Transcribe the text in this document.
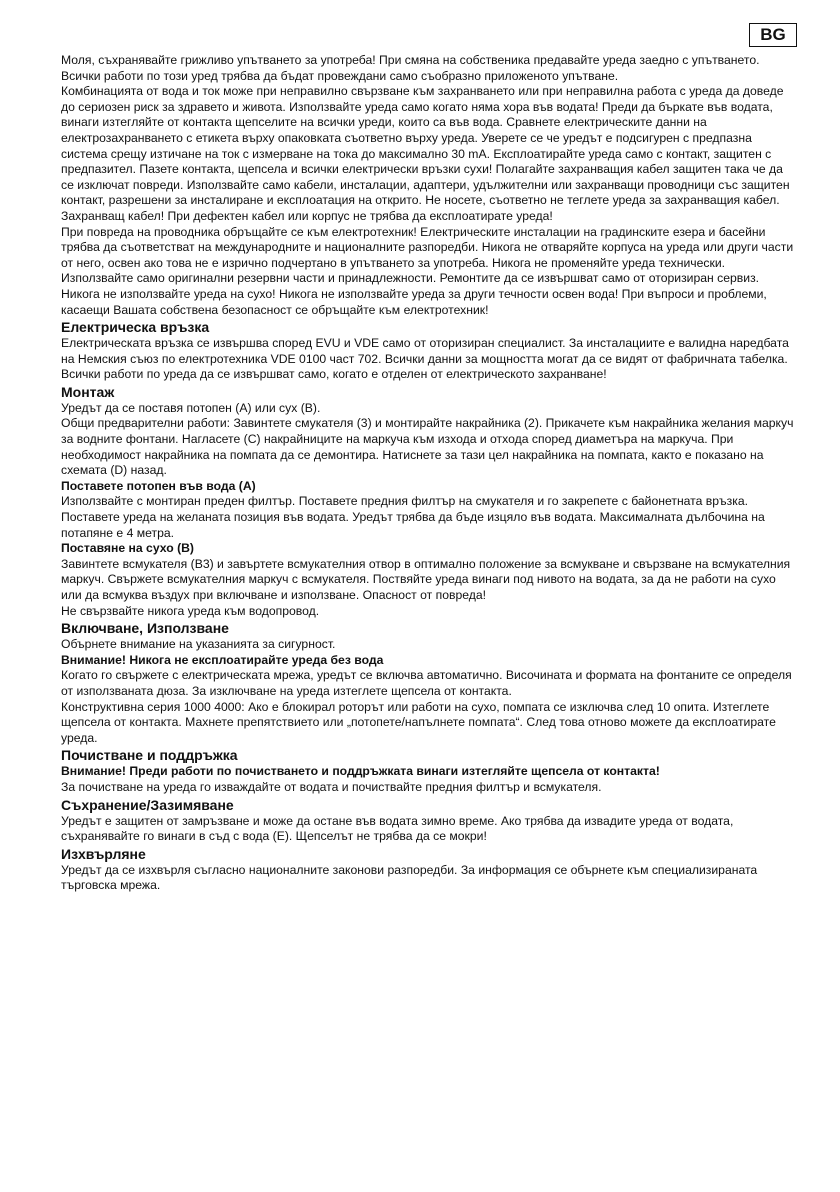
BG

Моля, съхранявайте грижливо упътването за употреба! При смяна на собственика предавайте уреда заедно с упътването. Всички работи по този уред трябва да бъдат провеждани само съобразно приложеното упътване.

Комбинацията от вода и ток може при неправилно свързване към захранването или при неправилна работа с уреда да доведе до сериозен риск за здравето и живота. Използвайте уреда само когато няма хора във водата! Преди да бъркате във водата, винаги изтегляйте от контакта щепселите на всички уреди, които са във вода. Сравнете електрическите данни на електрозахранването с етикета върху опаковката съответно върху уреда. Уверете се че уредът е подсигурен с предпазна система срещу изтичане на ток с измерване на тока до максимално 30 mA. Експлоатирайте уреда само с контакт, защитен с предпазител. Пазете контакта, щепсела и всички електрически връзки сухи! Полагайте захранващия кабел защитен така че да се изключат повреди. Използвайте само кабели, инсталации, адаптери, удължителни или захранващи проводници със защитен контакт, разрешени за инсталиране и експлоатация на открито. Не носете, съответно не теглете уреда за захранващия кабел. Захранващ кабел! При дефектен кабел или корпус не трябва да експлоатирате уреда!

При повреда на проводника обръщайте се към електротехник! Електрическите инсталации на градинските езера и басейни трябва да съответстват на международните и националните разпоредби. Никога не отваряйте корпуса на уреда или други части от него, освен ако това не е изрично подчертано в упътването за употреба. Никога не променяйте уреда технически. Използвайте само оригинални резервни части и принадлежности. Ремонтите да се извършват само от оторизиран сервиз. Никога не използвайте уреда на сухо! Никога не използвайте уреда за други течности освен вода! При въпроси и проблеми, касаещи Вашата собствена безопасност се обръщайте към електротехник!

Електрическа връзка

Електрическата връзка се извършва според EVU и VDE само от оторизиран специалист. За инсталациите е валидна наредбата на Немския съюз по електротехника VDE 0100 част 702. Всички данни за мощността могат да се видят от фабричната табелка. Всички работи по уреда да се извършват само, когато е отделен от електрическото захранване!

Монтаж

Уредът да се поставя потопен (A) или сух (B).

Общи предварителни работи: Завинтете смукателя (3) и монтирайте накрайника (2). Прикачете към накрайника желания маркуч за водните фонтани. Нагласете (C) накрайниците на маркуча към изхода и отхода според диаметъра на маркуча. При необходимост накрайника на помпата да се демонтира. Натиснете за тази цел накрайника на помпата, както е показано на схемата (D) назад.

Поставете потопен във вода (A)

Използвайте с монтиран преден филтър. Поставете предния филтър на смукателя и го закрепете с байонетната връзка. Поставете уреда на желаната позиция във водата. Уредът трябва да бъде изцяло във водата. Максималната дълбочина на потапяне е 4 метра.

Поставяне на сухо (B)

Завинтете всмукателя (B3) и завъртете всмукателния отвор в оптимално положение за всмукване и свързване на всмукателния маркуч. Свържете всмукателния маркуч с всмукателя. Поствяйте уреда винаги под нивото на водата, за да не работи на сухо или да всмуква въздух при включване и използване. Опасност от повреда!

Не свързвайте никога уреда към водопровод.

Включване, Използване

Обърнете внимание на указанията за сигурност.

Внимание! Никога не експлоатирайте уреда без вода

Когато го свържете с електрическата мрежа, уредът се включва автоматично. Височината и формата на фонтаните се определя от използваната дюза. За изключване на уреда изтеглете щепсела от контакта.

Конструктивна серия 1000 4000: Ако е блокирал роторът или работи на сухо, помпата се изключва след 10 опита. Изтеглете щепсела от контакта. Махнете препятствието или „потопете/напълнете помпата“. След това отново можете да експлоатирате уреда.

Почистване и поддръжка

Внимание! Преди работи по почистването и поддръжката винаги изтегляйте щепсела от контакта!

За почистване на уреда го изваждайте от водата и почиствайте предния филтър и всмукателя.

Съхранение/Зазимяване

Уредът е защитен от замръзване и може да остане във водата зимно време. Ако трябва да извадите уреда от водата, съхранявайте го винаги в съд с вода (E). Щепселът не трябва да се мокри!

Изхвърляне

Уредът да се изхвърля съгласно националните законови разпоредби. За информация се обърнете към специализираната търговска мрежа.
